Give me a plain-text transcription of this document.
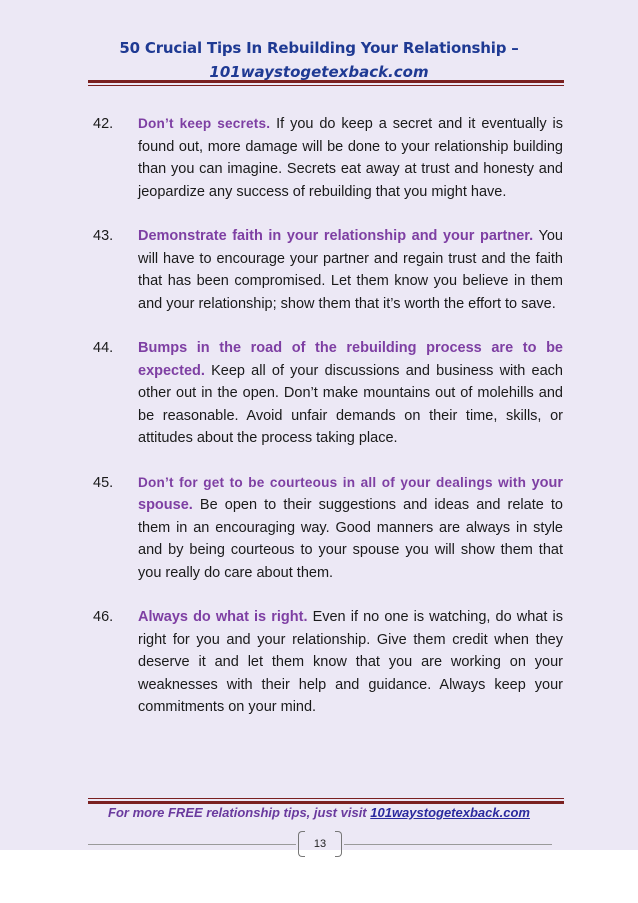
50 Crucial Tips In Rebuilding Your Relationship –
101waystogetexback.com
42. Don’t keep secrets. If you do keep a secret and it eventually is found out, more damage will be done to your relationship building than you can imagine. Secrets eat away at trust and honesty and jeopardize any success of rebuilding that you might have.
43. Demonstrate faith in your relationship and your partner. You will have to encourage your partner and regain trust and the faith that has been compromised. Let them know you believe in them and your relationship; show them that it’s worth the effort to save.
44. Bumps in the road of the rebuilding process are to be expected. Keep all of your discussions and business with each other out in the open. Don’t make mountains out of molehills and be reasonable. Avoid unfair demands on their time, skills, or attitudes about the process taking place.
45. Don’t for get to be courteous in all of your dealings with your spouse. Be open to their suggestions and ideas and relate to them in an encouraging way. Good manners are always in style and by being courteous to your spouse you will show them that you really do care about them.
46. Always do what is right. Even if no one is watching, do what is right for you and your relationship. Give them credit when they deserve it and let them know that you are working on your weaknesses with their help and guidance. Always keep your commitments on your mind.
For more FREE relationship tips, just visit 101waystogetexback.com
13
